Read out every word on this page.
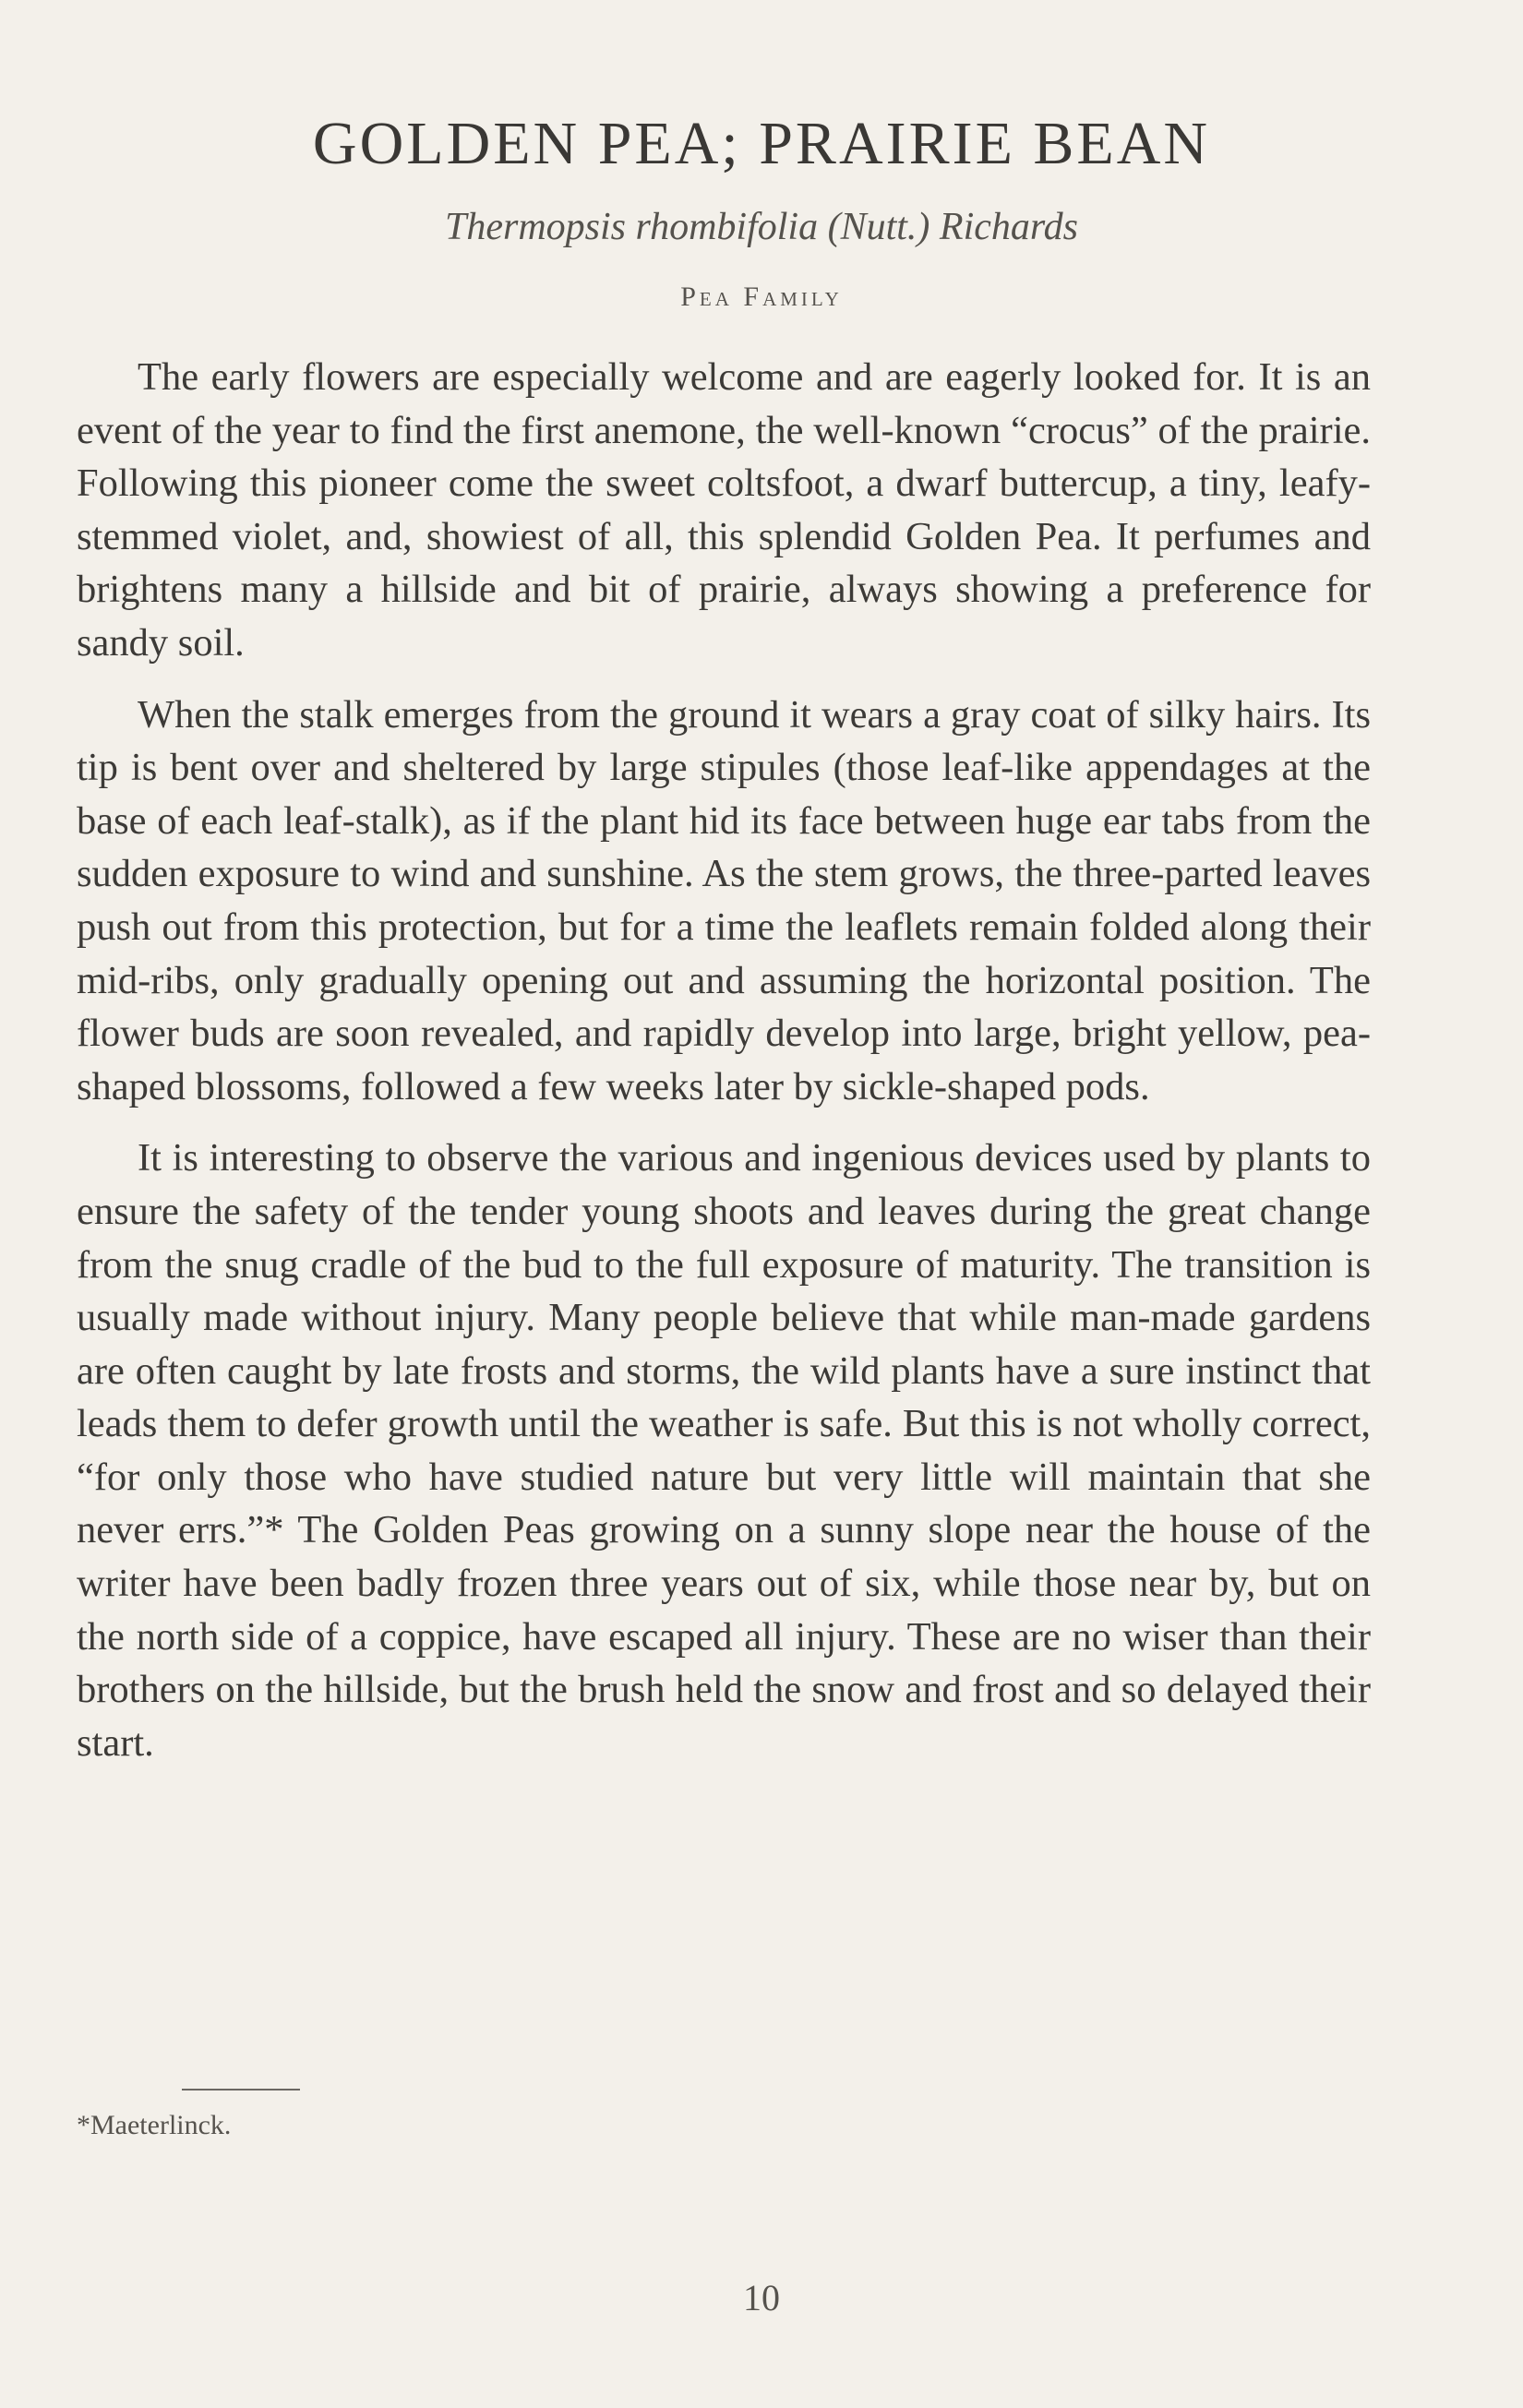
GOLDEN PEA; PRAIRIE BEAN
Thermopsis rhombifolia (Nutt.) Richards
Pea Family

The early flowers are especially welcome and are eagerly looked for. It is an event of the year to find the first anemone, the well-known “crocus” of the prairie. Following this pioneer come the sweet coltsfoot, a dwarf buttercup, a tiny, leafy-stemmed violet, and, showiest of all, this splendid Golden Pea. It perfumes and brightens many a hillside and bit of prairie, always showing a preference for sandy soil.

When the stalk emerges from the ground it wears a gray coat of silky hairs. Its tip is bent over and sheltered by large stipules (those leaf-like appendages at the base of each leaf-stalk), as if the plant hid its face between huge ear tabs from the sudden exposure to wind and sunshine. As the stem grows, the three-parted leaves push out from this protection, but for a time the leaflets remain folded along their mid-ribs, only gradually opening out and assuming the horizontal position. The flower buds are soon revealed, and rapidly develop into large, bright yellow, pea-shaped blossoms, followed a few weeks later by sickle-shaped pods.

It is interesting to observe the various and ingenious devices used by plants to ensure the safety of the tender young shoots and leaves during the great change from the snug cradle of the bud to the full exposure of maturity. The transition is usually made without injury. Many people believe that while man-made gardens are often caught by late frosts and storms, the wild plants have a sure instinct that leads them to defer growth until the weather is safe. But this is not wholly correct, “for only those who have studied nature but very little will maintain that she never errs.”* The Golden Peas growing on a sunny slope near the house of the writer have been badly frozen three years out of six, while those near by, but on the north side of a coppice, have escaped all injury. These are no wiser than their brothers on the hillside, but the brush held the snow and frost and so delayed their start.

*Maeterlinck.
10
